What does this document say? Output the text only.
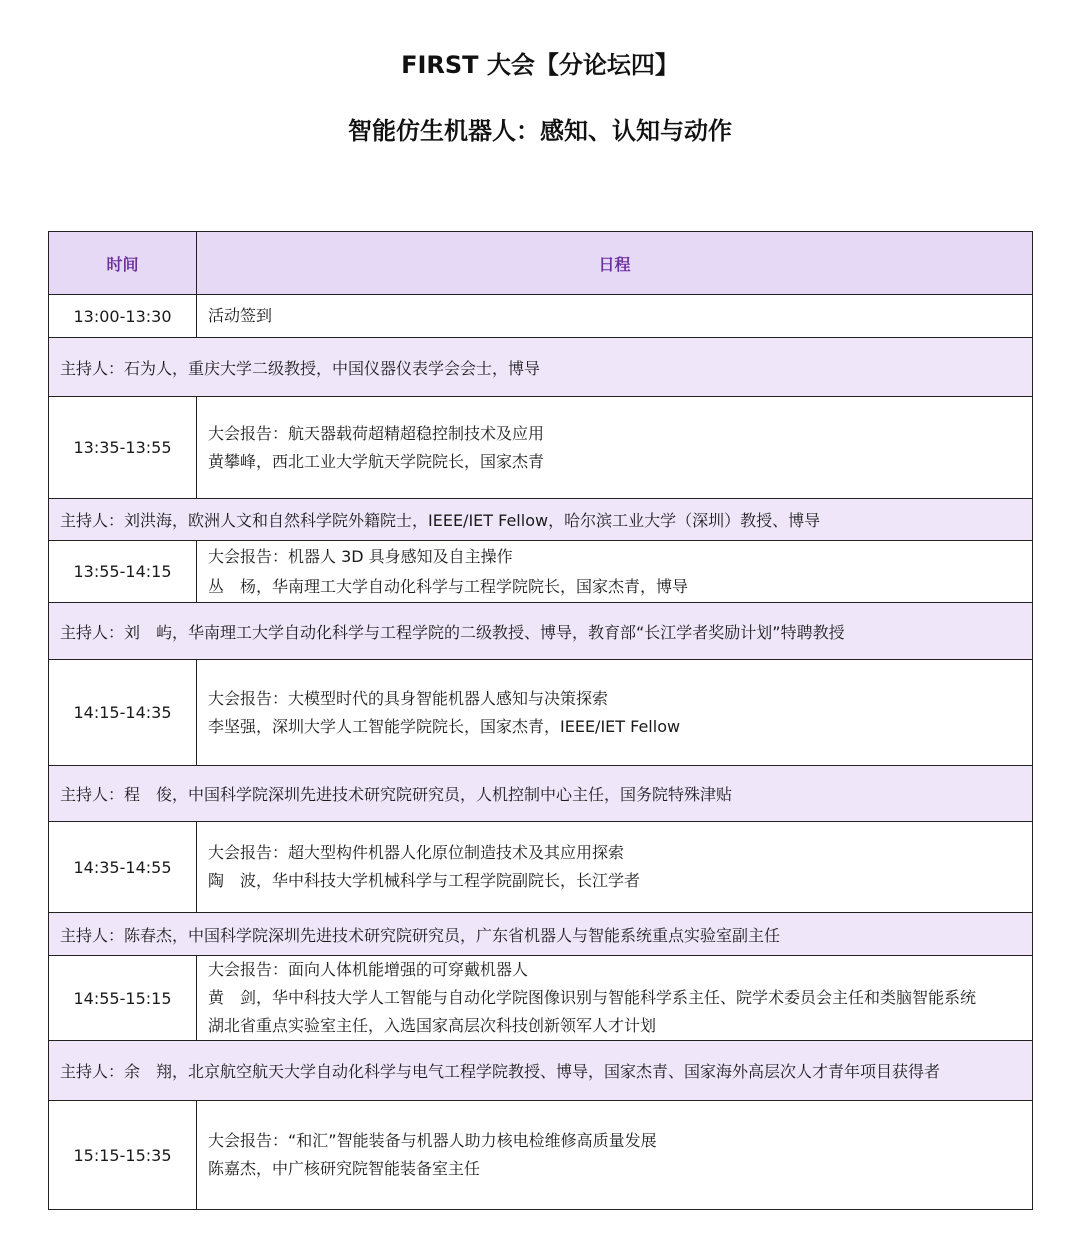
FIRST 大会【分论坛四】
智能仿生机器人：感知、认知与动作
时间	日程
13:00-13:30	活动签到

主持人：石为人，重庆大学二级教授，中国仪器仪表学会会士，博导	
13:35-13:55	大会报告：航天器载荷超精超稳控制技术及应用
黄攀峰，西北工业大学航天学院院长，国家杰青

主持人：刘洪海，欧洲人文和自然科学院外籍院士，IEEE/IET Fellow，哈尔滨工业大学（深圳）教授、博导	
13:55-14:15	大会报告：机器人 3D 具身感知及自主操作
丛　杨，华南理工大学自动化科学与工程学院院长，国家杰青，博导

主持人：刘　屿，华南理工大学自动化科学与工程学院的二级教授、博导，教育部“长江学者奖励计划”特聘教授	
14:15-14:35	大会报告：大模型时代的具身智能机器人感知与决策探索
李坚强，深圳大学人工智能学院院长，国家杰青，IEEE/IET Fellow

主持人：程　俊，中国科学院深圳先进技术研究院研究员，人机控制中心主任，国务院特殊津贴	
14:35-14:55	大会报告：超大型构件机器人化原位制造技术及其应用探索
陶　波，华中科技大学机械科学与工程学院副院长，长江学者

主持人：陈春杰，中国科学院深圳先进技术研究院研究员，广东省机器人与智能系统重点实验室副主任	
14:55-15:15	大会报告：面向人体机能增强的可穿戴机器人
黄　剑，华中科技大学人工智能与自动化学院图像识别与智能科学系主任、院学术委员会主任和类脑智能系统
湖北省重点实验室主任，入选国家高层次科技创新领军人才计划

主持人：余　翔，北京航空航天大学自动化科学与电气工程学院教授、博导，国家杰青、国家海外高层次人才青年项目获得者	
15:15-15:35	大会报告：“和汇”智能装备与机器人助力核电检维修高质量发展
陈嘉杰，中广核研究院智能装备室主任
